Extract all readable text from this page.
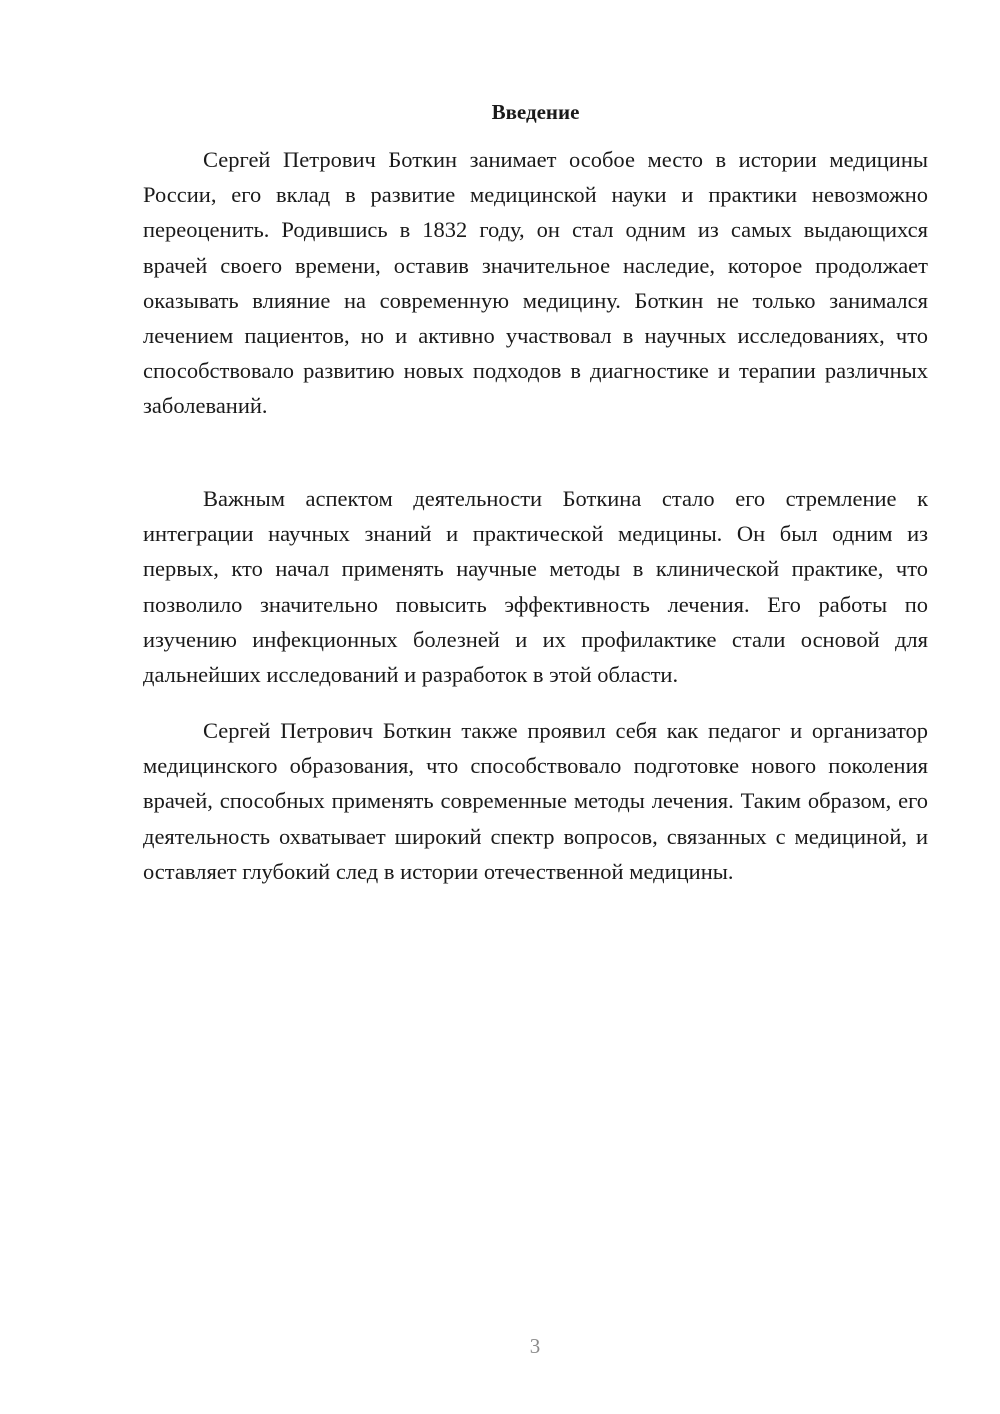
Введение

Сергей Петрович Боткин занимает особое место в истории медицины России, его вклад в развитие медицинской науки и практики невозможно переоценить. Родившись в 1832 году, он стал одним из самых выдающихся врачей своего времени, оставив значительное наследие, которое продолжает оказывать влияние на современную медицину. Боткин не только занимался лечением пациентов, но и активно участвовал в научных исследованиях, что способствовало развитию новых подходов в диагностике и терапии различных заболеваний.

Важным аспектом деятельности Боткина стало его стремление к интеграции научных знаний и практической медицины. Он был одним из первых, кто начал применять научные методы в клинической практике, что позволило значительно повысить эффективность лечения. Его работы по изучению инфекционных болезней и их профилактике стали основой для дальнейших исследований и разработок в этой области.

Сергей Петрович Боткин также проявил себя как педагог и организатор медицинского образования, что способствовало подготовке нового поколения врачей, способных применять современные методы лечения. Таким образом, его деятельность охватывает широкий спектр вопросов, связанных с медициной, и оставляет глубокий след в истории отечественной медицины.

3
